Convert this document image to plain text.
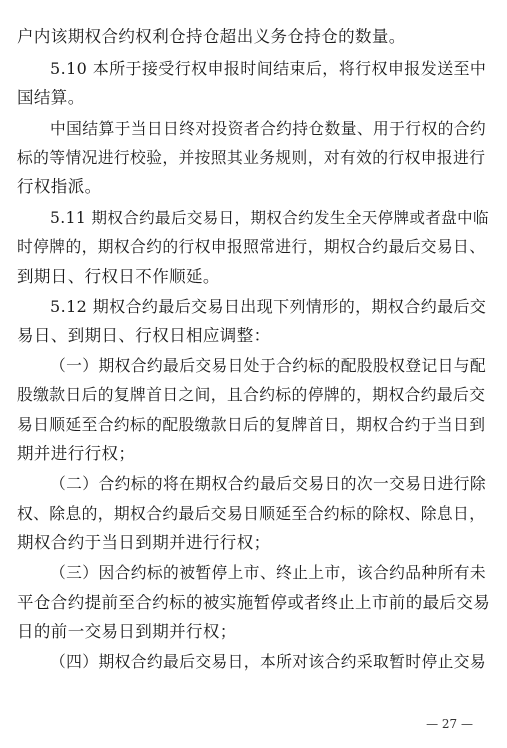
户内该期权合约权利仓持仓超出义务仓持仓的数量。
5.10 本所于接受行权申报时间结束后，将行权申报发送至中
国结算。
中国结算于当日日终对投资者合约持仓数量、用于行权的合约
标的等情况进行校验，并按照其业务规则，对有效的行权申报进行
行权指派。
5.11 期权合约最后交易日，期权合约发生全天停牌或者盘中临
时停牌的，期权合约的行权申报照常进行，期权合约最后交易日、
到期日、行权日不作顺延。
5.12 期权合约最后交易日出现下列情形的，期权合约最后交
易日、到期日、行权日相应调整：
（一）期权合约最后交易日处于合约标的配股股权登记日与配
股缴款日后的复牌首日之间，且合约标的停牌的，期权合约最后交
易日顺延至合约标的配股缴款日后的复牌首日，期权合约于当日到
期并进行行权；
（二）合约标的将在期权合约最后交易日的次一交易日进行除
权、除息的，期权合约最后交易日顺延至合约标的除权、除息日，
期权合约于当日到期并进行行权；
（三）因合约标的被暂停上市、终止上市，该合约品种所有未
平仓合约提前至合约标的被实施暂停或者终止上市前的最后交易
日的前一交易日到期并行权；
（四）期权合约最后交易日，本所对该合约采取暂时停止交易
— 27 —
